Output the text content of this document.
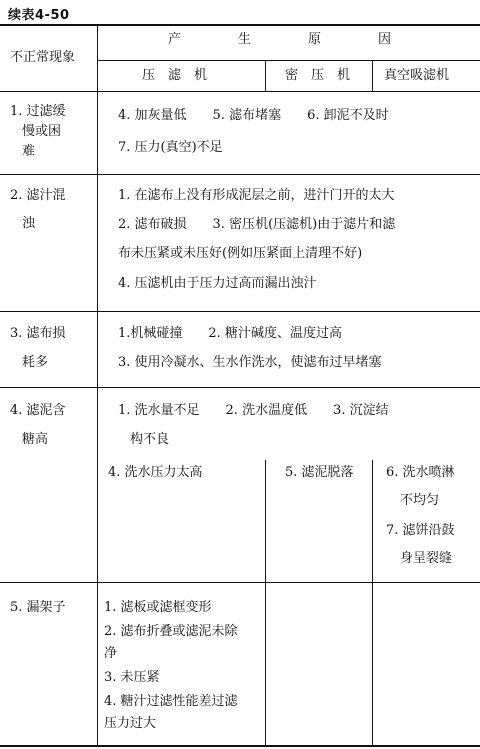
续表4-50
不正常现象
产	生	原	因
压　滤　机	密　压　机	真空吸滤机
1. 过滤缓
慢或困
难
4. 加灰量低　　5. 滤布堵塞　　6. 卸泥不及时
7. 压力(真空)不足
2. 滤汁混
浊
1. 在滤布上没有形成泥层之前，进汁门开的太大
2. 滤布破损　　3. 密压机(压滤机)由于滤片和滤
布未压紧或未压好(例如压紧面上清理不好)
4. 压滤机由于压力过高而漏出浊汁
3. 滤布损
耗多
1.机械碰撞　　2. 糖汁碱度、温度过高
3. 使用冷凝水、生水作洗水，使滤布过早堵塞
4. 滤泥含
糖高
1. 洗水量不足　　2. 洗水温度低　　3. 沉淀结
构不良
4. 洗水压力太高	5. 滤泥脱落 6. 洗水喷淋
不均匀
7. 滤饼沿鼓
身呈裂缝
5. 漏架子	1. 滤板或滤框变形
2. 滤布折叠或滤泥未除
净
3. 未压紧
4. 糖汁过滤性能差过滤
压力过大
